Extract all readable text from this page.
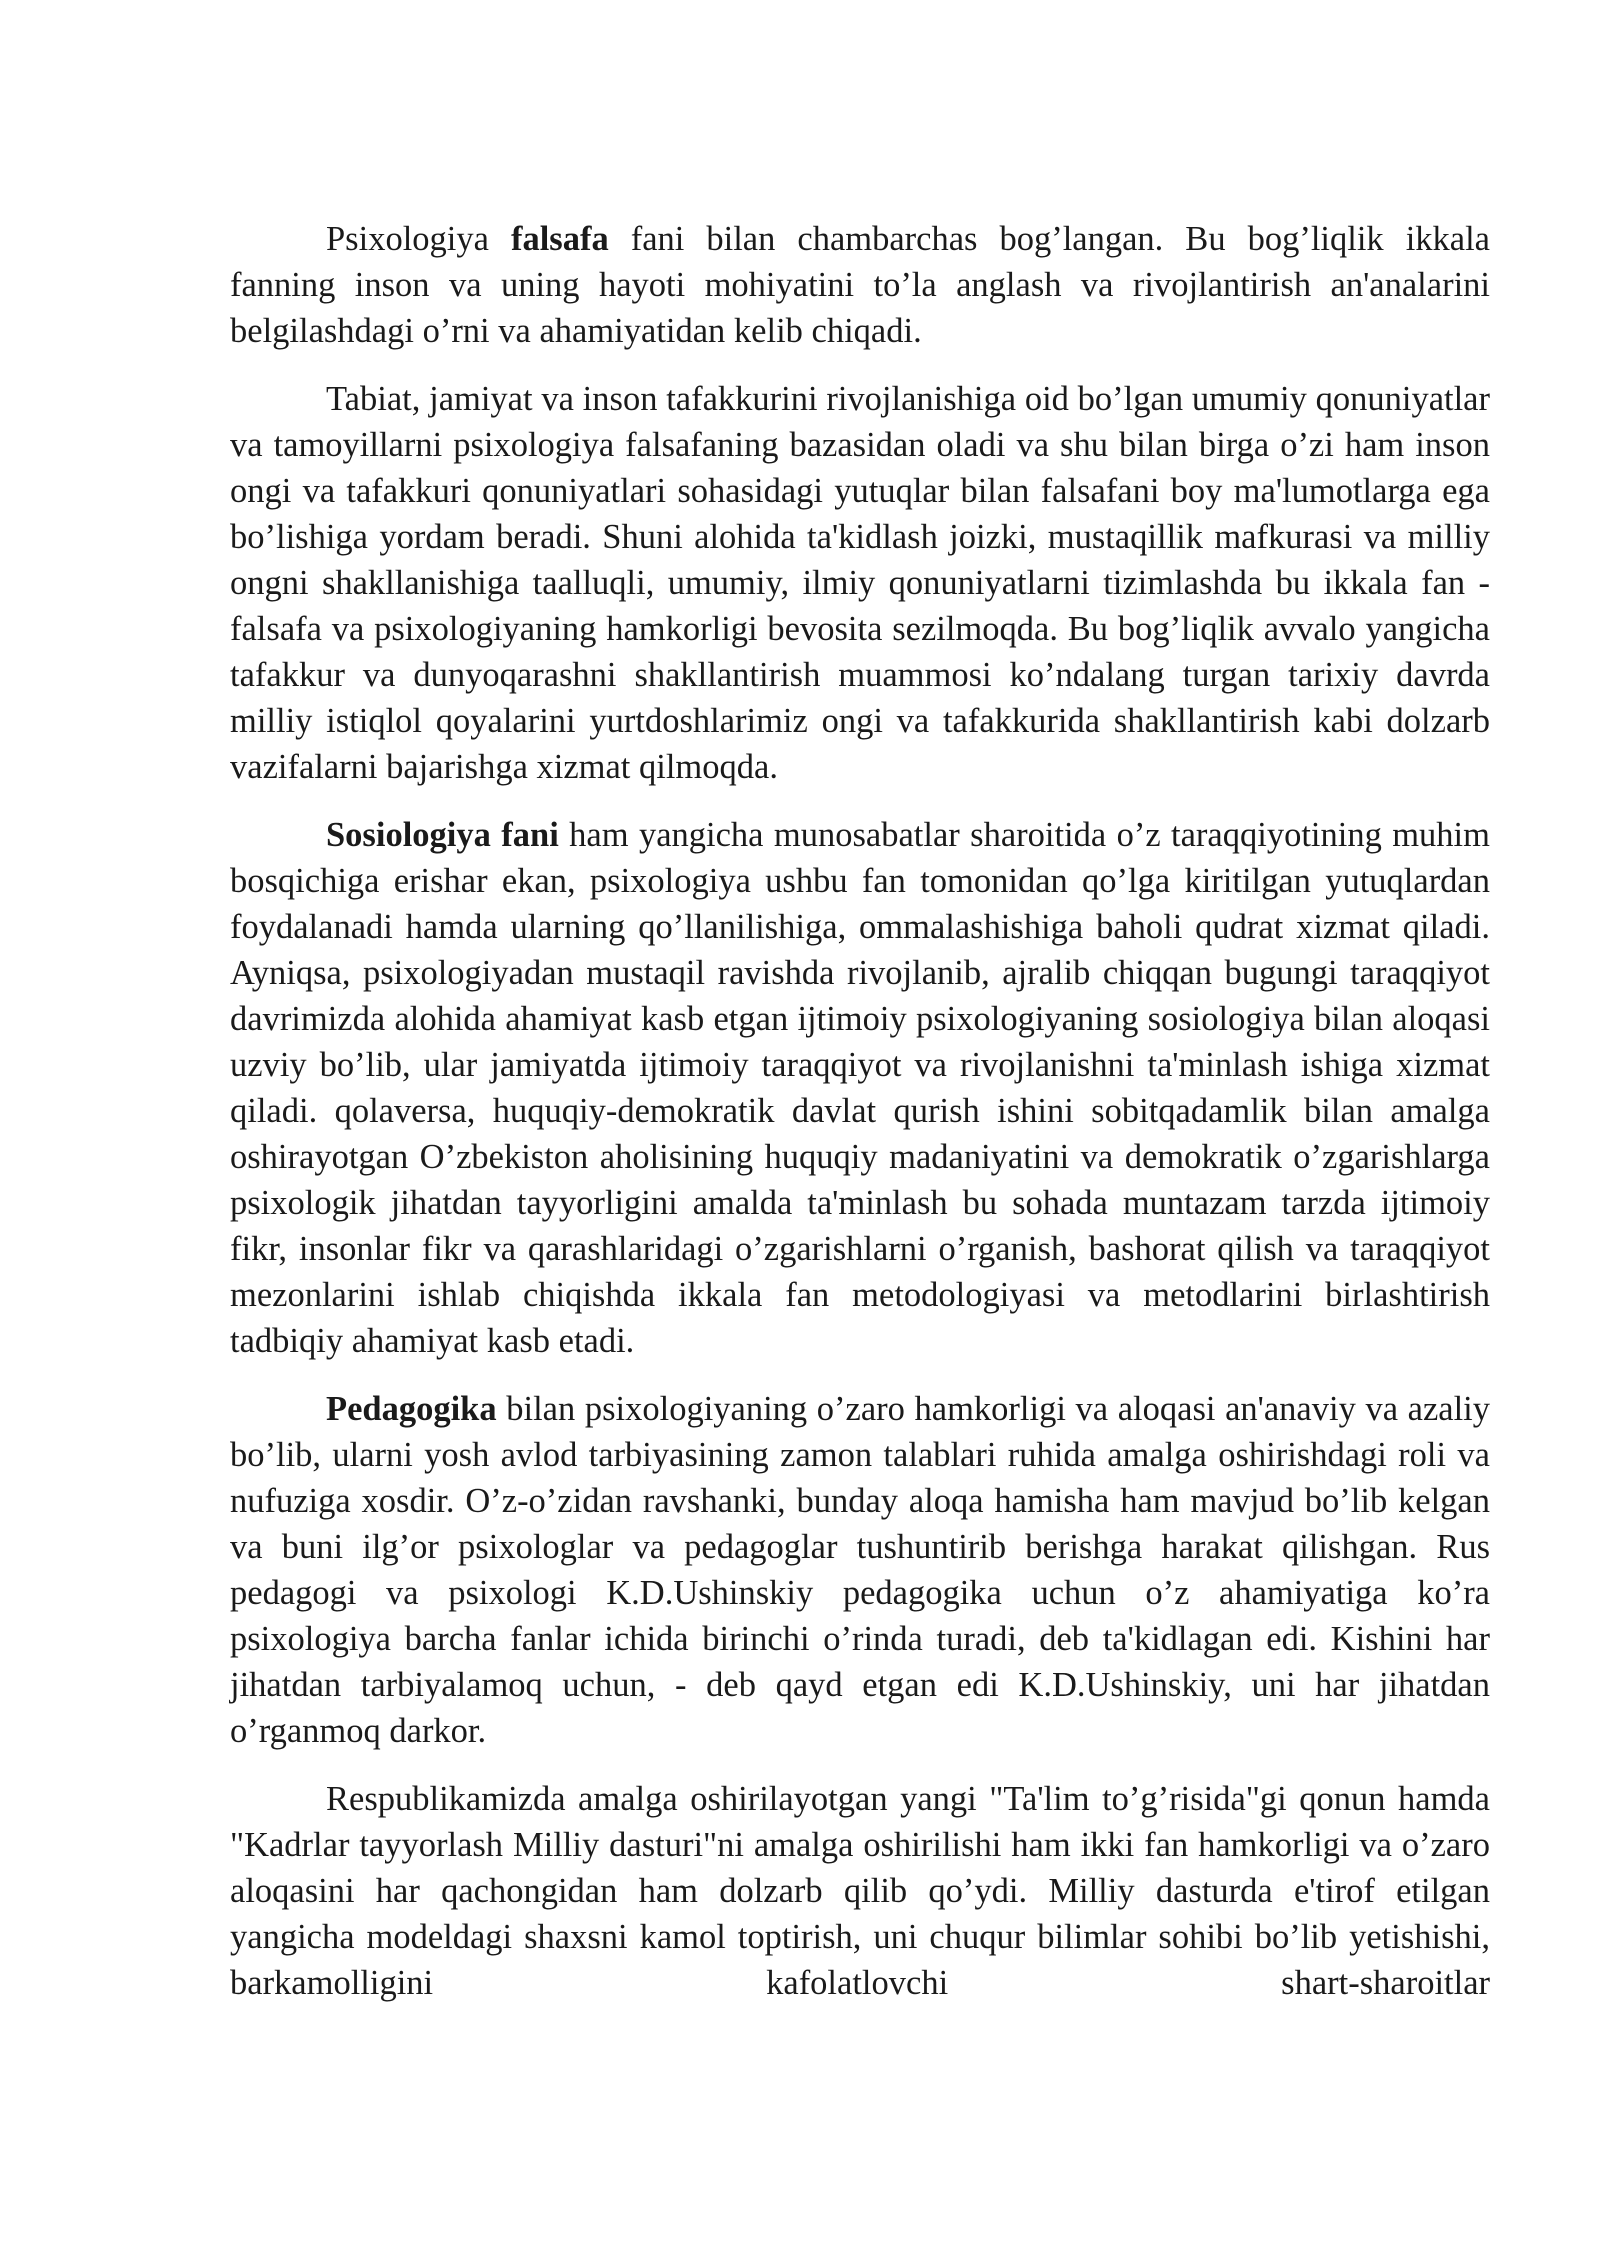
Psixologiya falsafa fani bilan chambarchas bog’langan. Bu bog’liqlik ikkala fanning inson va uning hayoti mohiyatini to’la anglash va rivojlantirish an'analarini belgilashdagi o’rni va ahamiyatidan kelib chiqadi.

Tabiat, jamiyat va inson tafakkurini rivojlanishiga oid bo’lgan umumiy qonuniyatlar va tamoyillarni psixologiya falsafaning bazasidan oladi va shu bilan birga o’zi ham inson ongi va tafakkuri qonuniyatlari sohasidagi yutuqlar bilan falsafani boy ma'lumotlarga ega bo’lishiga yordam beradi. Shuni alohida ta'kidlash joizki, mustaqillik mafkurasi va milliy ongni shakllanishiga taalluqli, umumiy, ilmiy qonuniyatlarni tizimlashda bu ikkala fan - falsafa va psixologiyaning hamkorligi bevosita sezilmoqda. Bu bog’liqlik avvalo yangicha tafakkur va dunyoqarashni shakllantirish muammosi ko’ndalang turgan tarixiy davrda milliy istiqlol qoyalarini yurtdoshlarimiz ongi va tafakkurida shakllantirish kabi dolzarb vazifalarni bajarishga xizmat qilmoqda.

Sosiologiya fani ham yangicha munosabatlar sharoitida o’z taraqqiyotining muhim bosqichiga erishar ekan, psixologiya ushbu fan tomonidan qo’lga kiritilgan yutuqlardan foydalanadi hamda ularning qo’llanilishiga, ommalashishiga baholi qudrat xizmat qiladi. Ayniqsa, psixologiyadan mustaqil ravishda rivojlanib, ajralib chiqqan bugungi taraqqiyot davrimizda alohida ahamiyat kasb etgan ijtimoiy psixologiyaning sosiologiya bilan aloqasi uzviy bo’lib, ular jamiyatda ijtimoiy taraqqiyot va rivojlanishni ta'minlash ishiga xizmat qiladi. qolaversa, huquqiy-demokratik davlat qurish ishini sobitqadamlik bilan amalga oshirayotgan O’zbekiston aholisining huquqiy madaniyatini va demokratik o’zgarishlarga psixologik jihatdan tayyorligini amalda ta'minlash bu sohada muntazam tarzda ijtimoiy fikr, insonlar fikr va qarashlaridagi o’zgarishlarni o’rganish, bashorat qilish va taraqqiyot mezonlarini ishlab chiqishda ikkala fan metodologiyasi va metodlarini birlashtirish tadbiqiy ahamiyat kasb etadi.

Pedagogika bilan psixologiyaning o’zaro hamkorligi va aloqasi an'anaviy va azaliy bo’lib, ularni yosh avlod tarbiyasining zamon talablari ruhida amalga oshirishdagi roli va nufuziga xosdir. O’z-o’zidan ravshanki, bunday aloqa hamisha ham mavjud bo’lib kelgan va buni ilg’or psixologlar va pedagoglar tushuntirib berishga harakat qilishgan. Rus pedagogi va psixologi K.D.Ushinskiy pedagogika uchun o’z ahamiyatiga ko’ra psixologiya barcha fanlar ichida birinchi o’rinda turadi, deb ta'kidlagan edi. Kishini har jihatdan tarbiyalamoq uchun, - deb qayd etgan edi K.D.Ushinskiy, uni har jihatdan o’rganmoq darkor.

Respublikamizda amalga oshirilayotgan yangi "Ta'lim to’g’risida"gi qonun hamda "Kadrlar tayyorlash Milliy dasturi"ni amalga oshirilishi ham ikki fan hamkorligi va o’zaro aloqasini har qachongidan ham dolzarb qilib qo’ydi. Milliy dasturda e'tirof etilgan yangicha modeldagi shaxsni kamol toptirish, uni chuqur bilimlar sohibi bo’lib yetishishi, barkamolligini kafolatlovchi shart-sharoitlar
